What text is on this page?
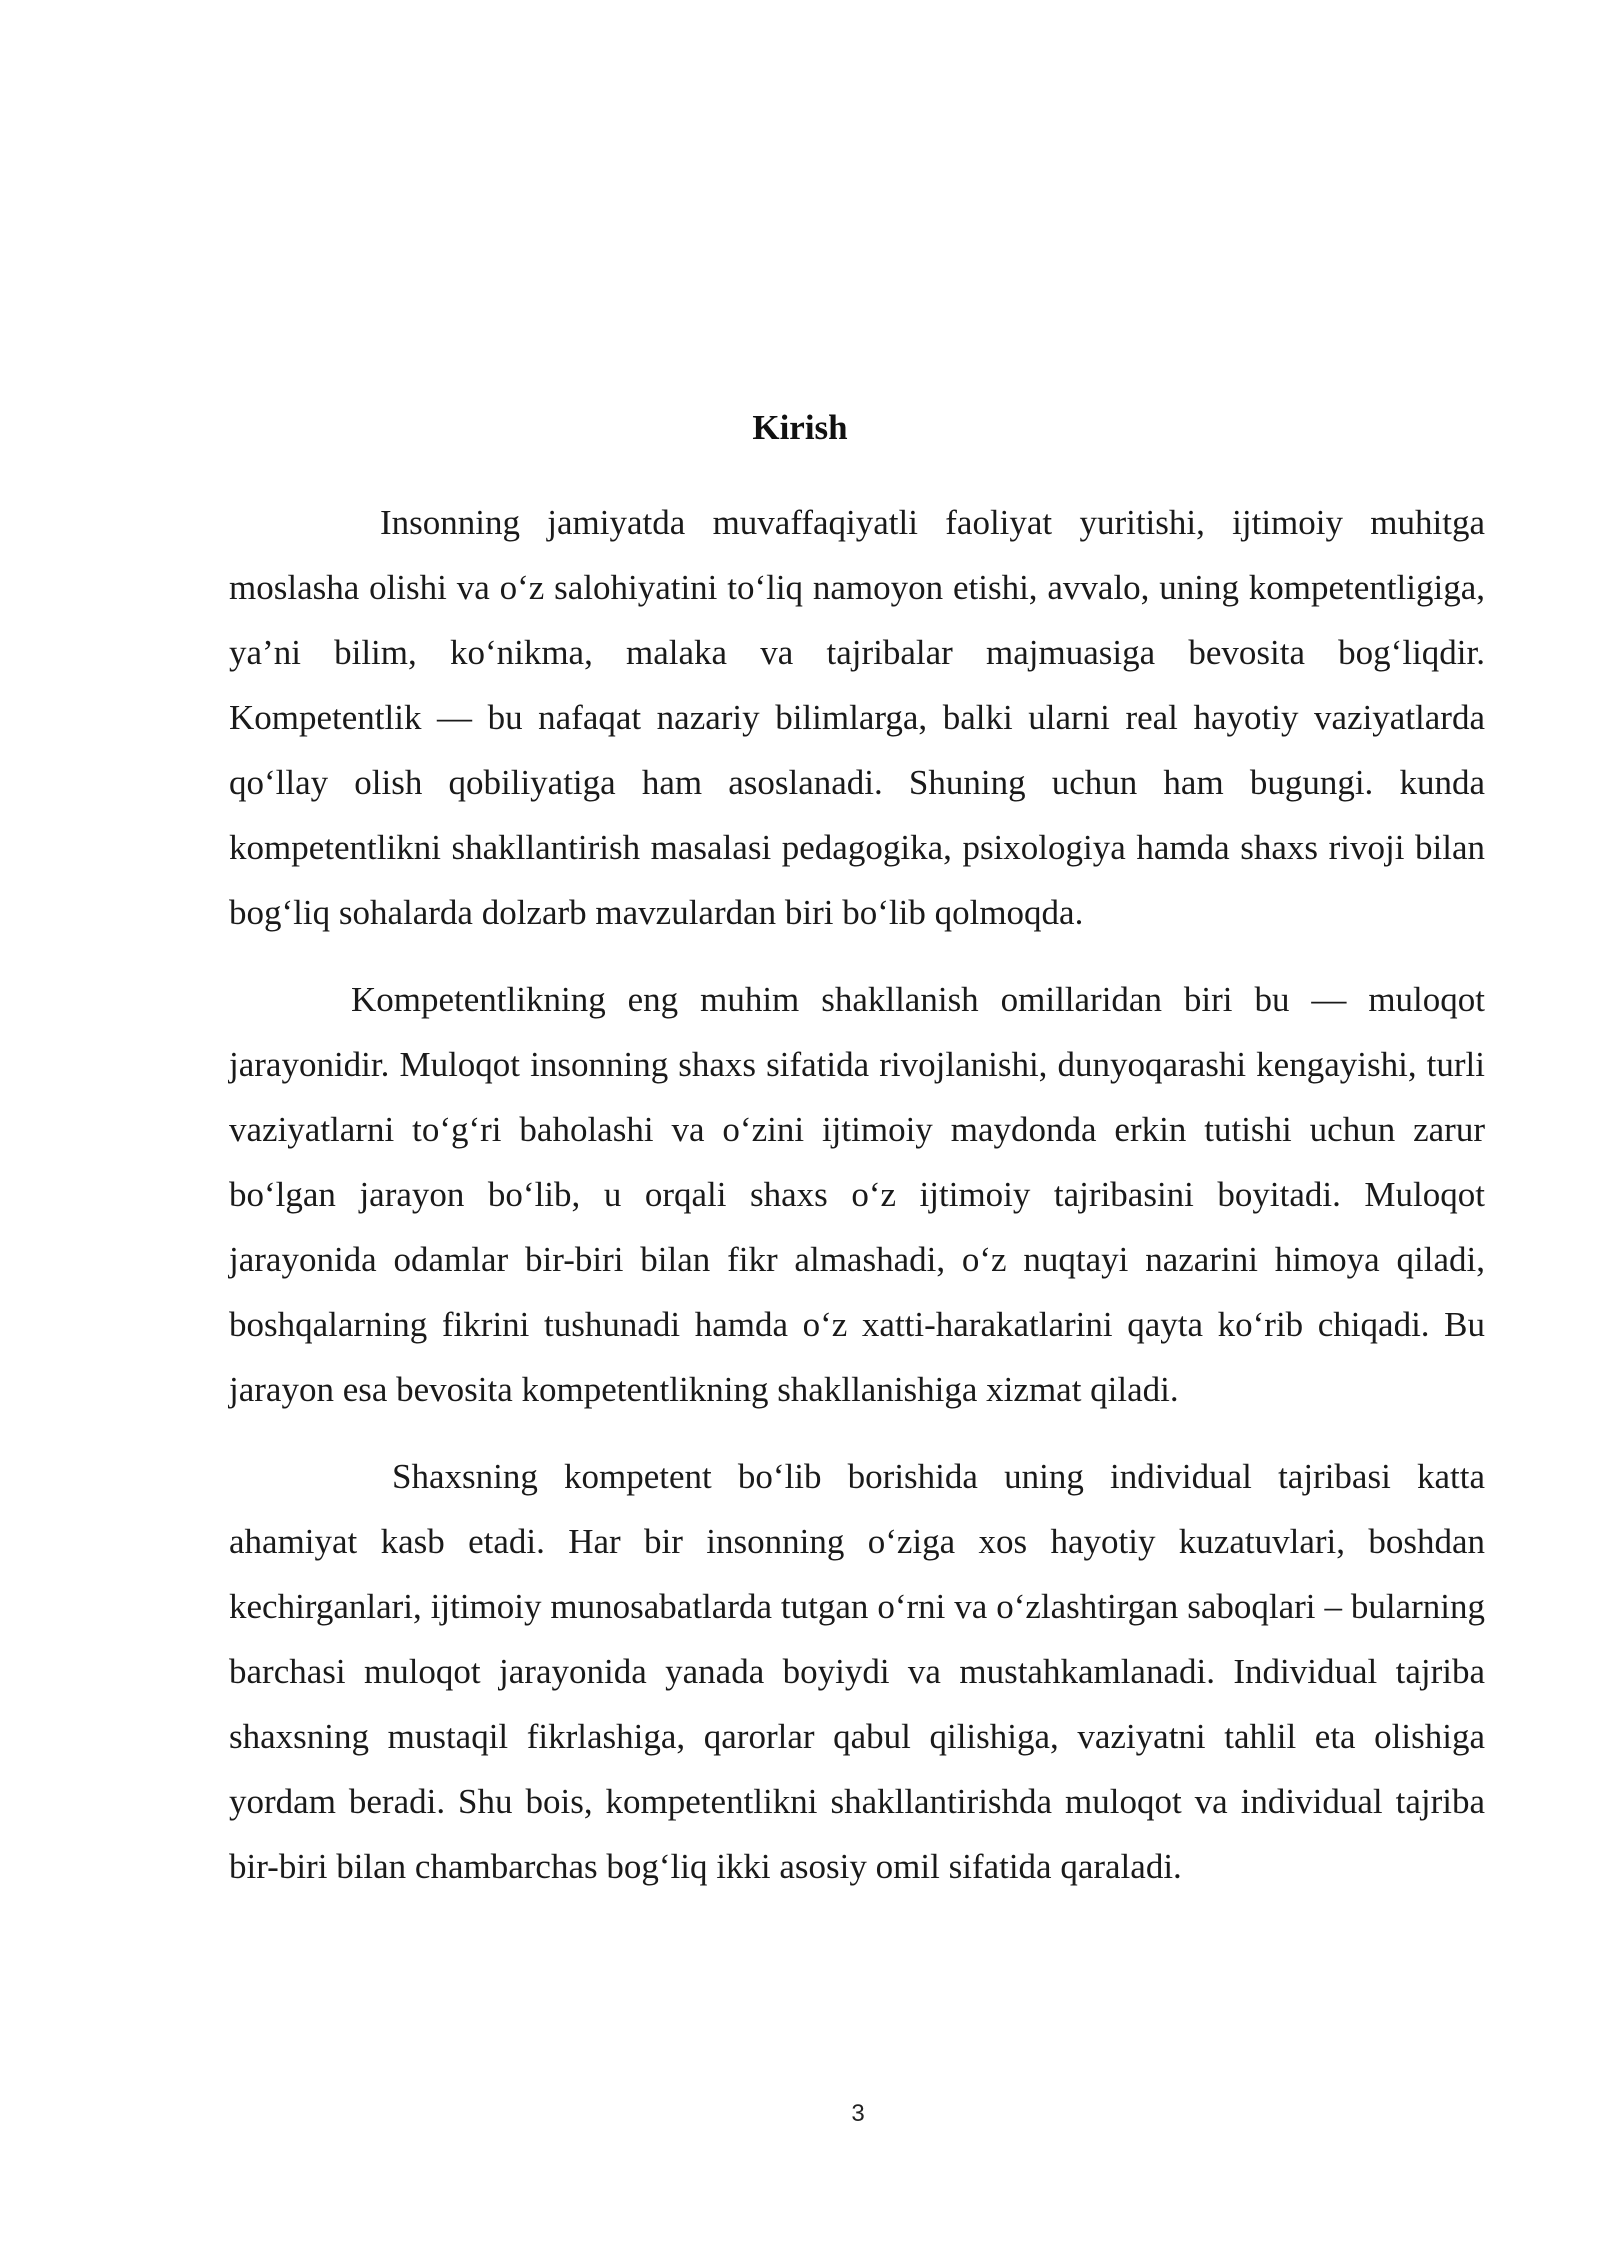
Kirish

Insonning jamiyatda muvaffaqiyatli faoliyat yuritishi, ijtimoiy muhitga moslasha olishi va o‘z salohiyatini to‘liq namoyon etishi, avvalo, uning kompetentligiga, ya’ni bilim, ko‘nikma, malaka va tajribalar majmuasiga bevosita bog‘liqdir. Kompetentlik — bu nafaqat nazariy bilimlarga, balki ularni real hayotiy vaziyatlarda qo‘llay olish qobiliyatiga ham asoslanadi. Shuning uchun ham bugungi. kunda kompetentlikni shakllantirish masalasi pedagogika, psixologiya hamda shaxs rivoji bilan bog‘liq sohalarda dolzarb mavzulardan biri bo‘lib qolmoqda.

Kompetentlikning eng muhim shakllanish omillaridan biri bu — muloqot jarayonidir. Muloqot insonning shaxs sifatida rivojlanishi, dunyoqarashi kengayishi, turli vaziyatlarni to‘g‘ri baholashi va o‘zini ijtimoiy maydonda erkin tutishi uchun zarur bo‘lgan jarayon bo‘lib, u orqali shaxs o‘z ijtimoiy tajribasini boyitadi. Muloqot jarayonida odamlar bir-biri bilan fikr almashadi, o‘z nuqtayi nazarini himoya qiladi, boshqalarning fikrini tushunadi hamda o‘z xatti-harakatlarini qayta ko‘rib chiqadi. Bu jarayon esa bevosita kompetentlikning shakllanishiga xizmat qiladi.

Shaxsning kompetent bo‘lib borishida uning individual tajribasi katta ahamiyat kasb etadi. Har bir insonning o‘ziga xos hayotiy kuzatuvlari, boshdan kechirganlari, ijtimoiy munosabatlarda tutgan o‘rni va o‘zlashtirgan saboqlari – bularning barchasi muloqot jarayonida yanada boyiydi va mustahkamlanadi. Individual tajriba shaxsning mustaqil fikrlashiga, qarorlar qabul qilishiga, vaziyatni tahlil eta olishiga yordam beradi. Shu bois, kompetentlikni shakllantirishda muloqot va individual tajriba bir-biri bilan chambarchas bog‘liq ikki asosiy omil sifatida qaraladi.

3
